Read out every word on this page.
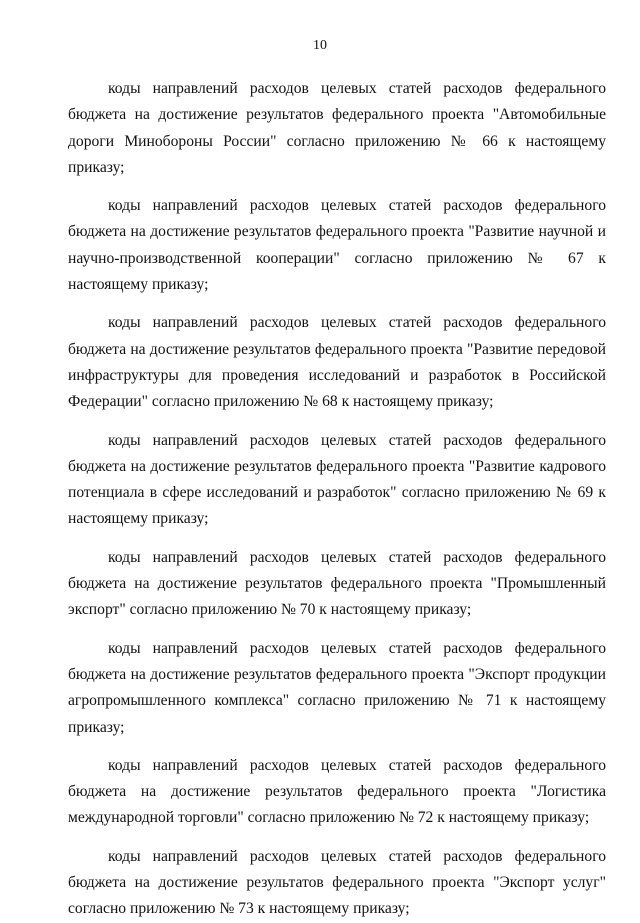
10

коды направлений расходов целевых статей расходов федерального бюджета на достижение результатов федерального проекта "Автомобильные дороги Минобороны России" согласно приложению № 66 к настоящему приказу;

коды направлений расходов целевых статей расходов федерального бюджета на достижение результатов федерального проекта "Развитие научной и научно-производственной кооперации" согласно приложению № 67 к настоящему приказу;

коды направлений расходов целевых статей расходов федерального бюджета на достижение результатов федерального проекта "Развитие передовой инфраструктуры для проведения исследований и разработок в Российской Федерации" согласно приложению № 68 к настоящему приказу;

коды направлений расходов целевых статей расходов федерального бюджета на достижение результатов федерального проекта "Развитие кадрового потенциала в сфере исследований и разработок" согласно приложению № 69 к настоящему приказу;

коды направлений расходов целевых статей расходов федерального бюджета на достижение результатов федерального проекта "Промышленный экспорт" согласно приложению № 70 к настоящему приказу;

коды направлений расходов целевых статей расходов федерального бюджета на достижение результатов федерального проекта "Экспорт продукции агропромышленного комплекса" согласно приложению № 71 к настоящему приказу;

коды направлений расходов целевых статей расходов федерального бюджета на достижение результатов федерального проекта "Логистика международной торговли" согласно приложению № 72 к настоящему приказу;

коды направлений расходов целевых статей расходов федерального бюджета на достижение результатов федерального проекта "Экспорт услуг" согласно приложению № 73 к настоящему приказу;
